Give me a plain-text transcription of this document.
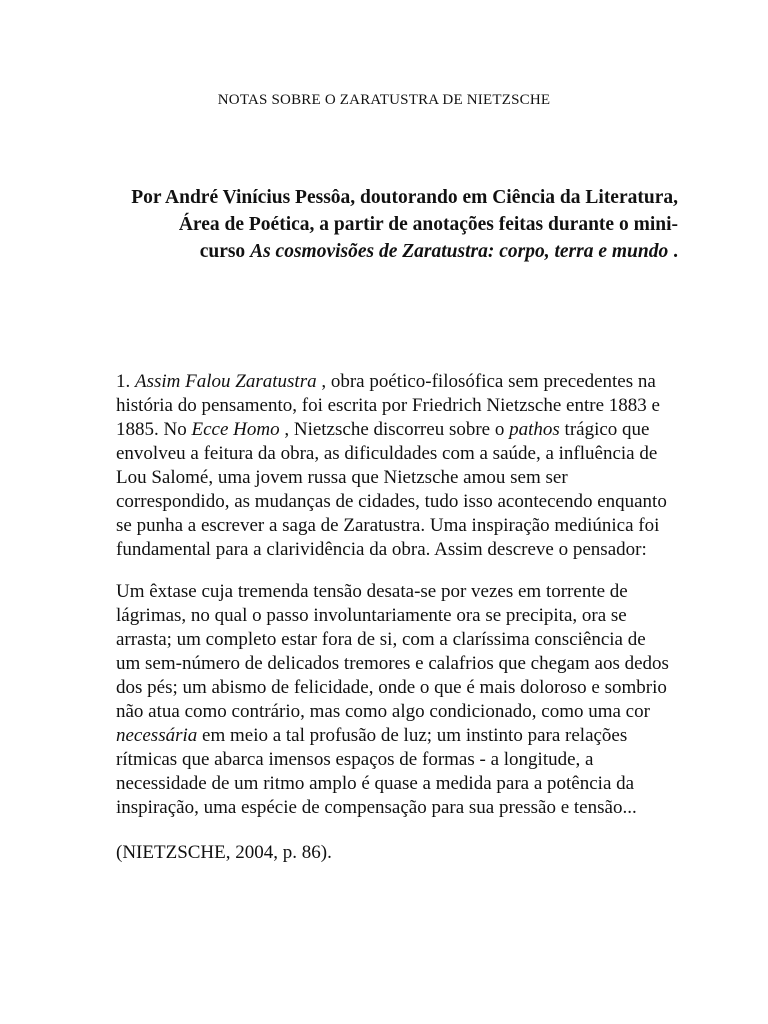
NOTAS SOBRE O ZARATUSTRA DE NIETZSCHE
Por André Vinícius Pessôa, doutorando em Ciência da Literatura,
Área de Poética, a partir de anotações feitas durante o mini-
curso As cosmovisões de Zaratustra: corpo, terra e mundo .
1. Assim Falou Zaratustra , obra poético-filosófica sem precedentes na
história do pensamento, foi escrita por Friedrich Nietzsche entre 1883 e
1885. No Ecce Homo , Nietzsche discorreu sobre o pathos trágico que
envolveu a feitura da obra, as dificuldades com a saúde, a influência de
Lou Salomé, uma jovem russa que Nietzsche amou sem ser
correspondido, as mudanças de cidades, tudo isso acontecendo enquanto
se punha a escrever a saga de Zaratustra. Uma inspiração mediúnica foi
fundamental para a clarividência da obra. Assim descreve o pensador:
Um êxtase cuja tremenda tensão desata-se por vezes em torrente de
lágrimas, no qual o passo involuntariamente ora se precipita, ora se
arrasta; um completo estar fora de si, com a claríssima consciência de
um sem-número de delicados tremores e calafrios que chegam aos dedos
dos pés; um abismo de felicidade, onde o que é mais doloroso e sombrio
não atua como contrário, mas como algo condicionado, como uma cor
necessária em meio a tal profusão de luz; um instinto para relações
rítmicas que abarca imensos espaços de formas - a longitude, a
necessidade de um ritmo amplo é quase a medida para a potência da
inspiração, uma espécie de compensação para sua pressão e tensão...
(NIETZSCHE, 2004, p. 86).
